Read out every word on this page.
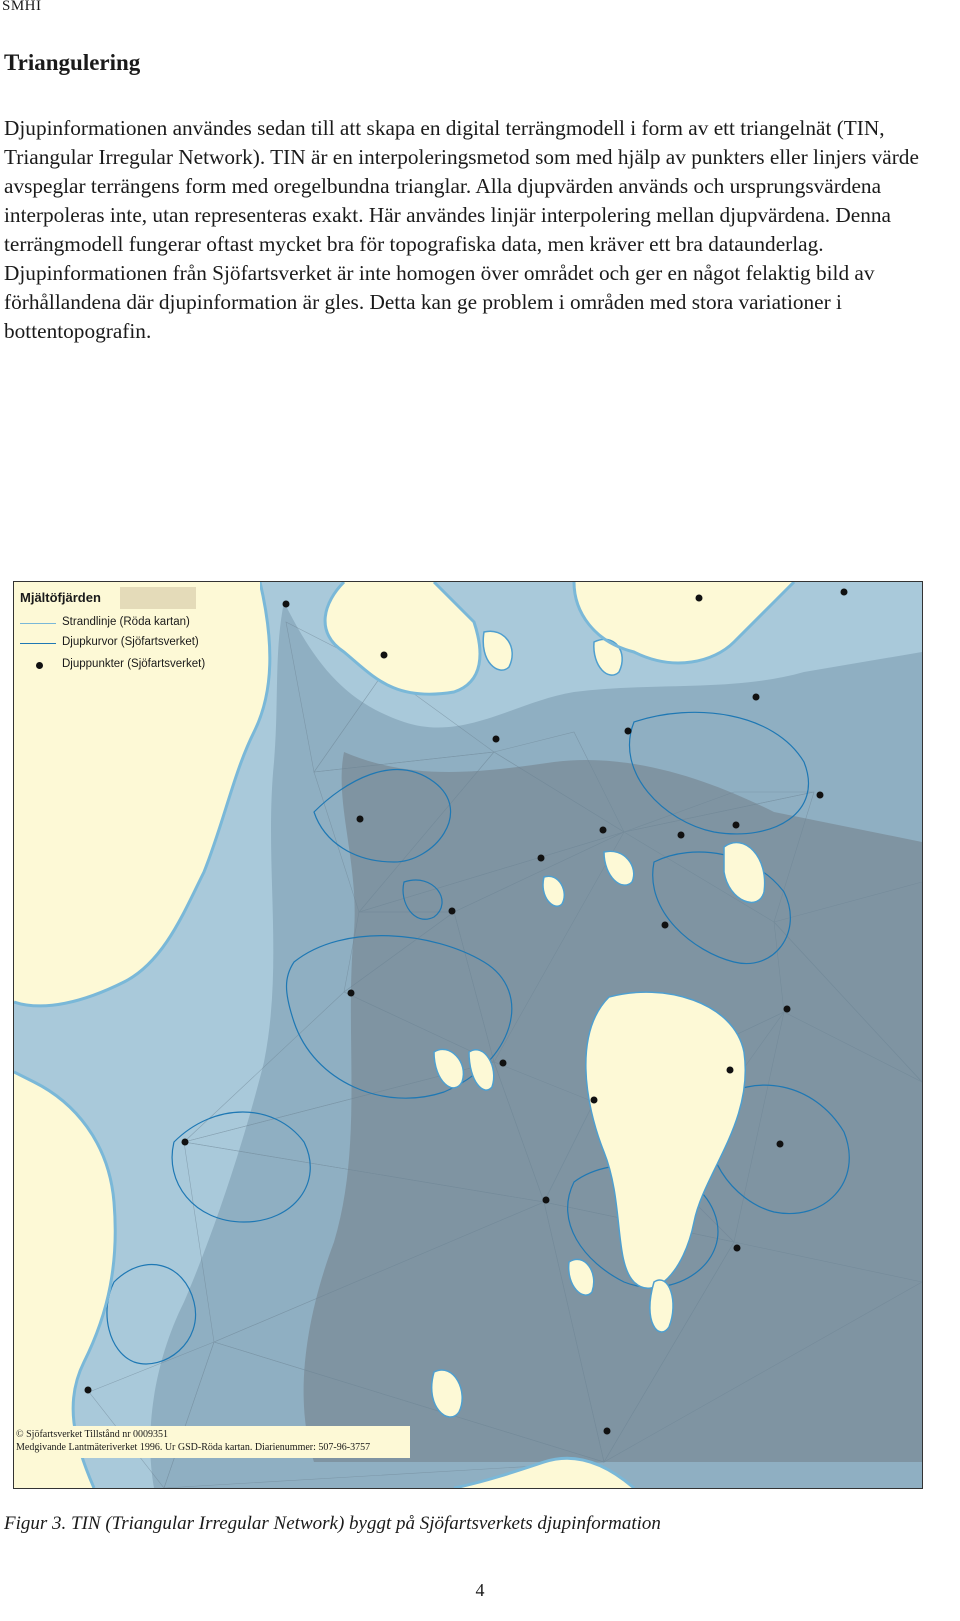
SMHI
Triangulering

Djupinformationen användes sedan till att skapa en digital terrängmodell i form av ett triangelnät (TIN, Triangular Irregular Network). TIN är en interpoleringsmetod som med hjälp av punkters eller linjers värde avspeglar terrängens form med oregelbundna trianglar. Alla djupvärden används och ursprungsvärdena interpoleras inte, utan representeras exakt. Här användes linjär interpolering mellan djupvärdena. Denna terrängmodell fungerar oftast mycket bra för topografiska data, men kräver ett bra dataunderlag. Djupinformationen från Sjöfartsverket är inte homogen över området och ger en något felaktig bild av förhållandena där djupinformation är gles. Detta kan ge problem i områden med stora variationer i bottentopografin.

Mjältöfjärden
Strandlinje (Röda kartan)
Djupkurvor (Sjöfartsverket)
Djuppunkter (Sjöfartsverket)
© Sjöfartsverket Tillstånd nr 0009351
Medgivande Lantmäteriverket 1996. Ur GSD-Röda kartan. Diarienummer: 507-96-3757

Figur 3. TIN (Triangular Irregular Network) byggt på Sjöfartsverkets djupinformation

4
